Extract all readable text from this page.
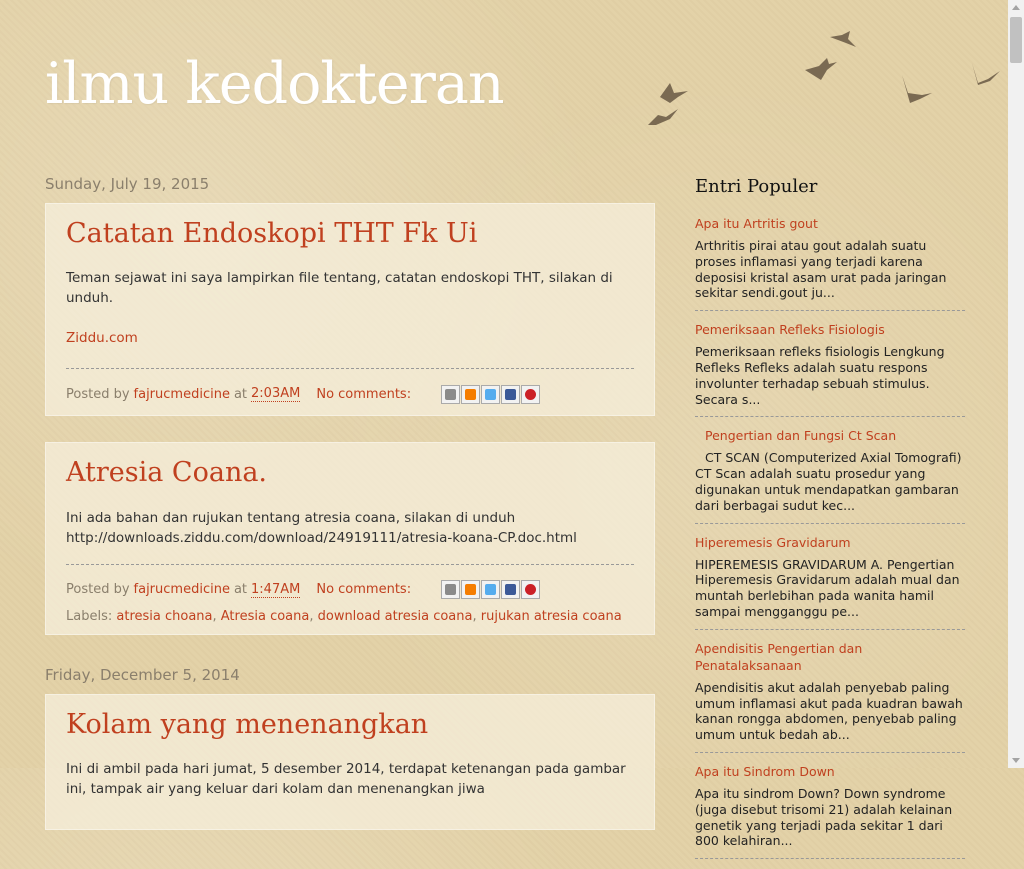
ilmu kedokteran
Sunday, July 19, 2015
Catatan Endoskopi THT Fk Ui

Teman sejawat ini saya lampirkan file tentang, catatan endoskopi THT, silakan di unduh.

Ziddu.com

Posted by fajrucmedicine at 2:03AM No comments:
Atresia Coana.

Ini ada bahan dan rujukan tentang atresia coana, silakan di unduh
http://downloads.ziddu.com/download/24919111/atresia-koana-CP.doc.html

Posted by fajrucmedicine at 1:47AM No comments:
Labels: atresia choana, Atresia coana, download atresia coana, rujukan atresia coana
Friday, December 5, 2014
Kolam yang menenangkan

Ini di ambil pada hari jumat, 5 desember 2014, terdapat ketenangan pada gambar ini, tampak air yang keluar dari kolam dan menenangkan jiwa

Entri Populer
Apa itu Artritis gout
Arthritis pirai atau gout adalah suatu proses inflamasi yang terjadi karena deposisi kristal asam urat pada jaringan sekitar sendi.gout ju...
Pemeriksaan Refleks Fisiologis
Pemeriksaan refleks fisiologis Lengkung Refleks Refleks adalah suatu respons involunter terhadap sebuah stimulus. Secara s...
Pengertian dan Fungsi Ct Scan
CT SCAN (Computerized Axial Tomografi) CT Scan adalah suatu prosedur yang digunakan untuk mendapatkan gambaran dari berbagai sudut kec...
Hiperemesis Gravidarum
HIPEREMESIS GRAVIDARUM A. Pengertian Hiperemesis Gravidarum adalah mual dan muntah berlebihan pada wanita hamil sampai mengganggu pe...
Apendisitis Pengertian dan Penatalaksanaan
Apendisitis akut adalah penyebab paling umum inflamasi akut pada kuadran bawah kanan rongga abdomen, penyebab paling umum untuk bedah ab...
Apa itu Sindrom Down
Apa itu sindrom Down? Down syndrome (juga disebut trisomi 21) adalah kelainan genetik yang terjadi pada sekitar 1 dari 800 kelahiran...
